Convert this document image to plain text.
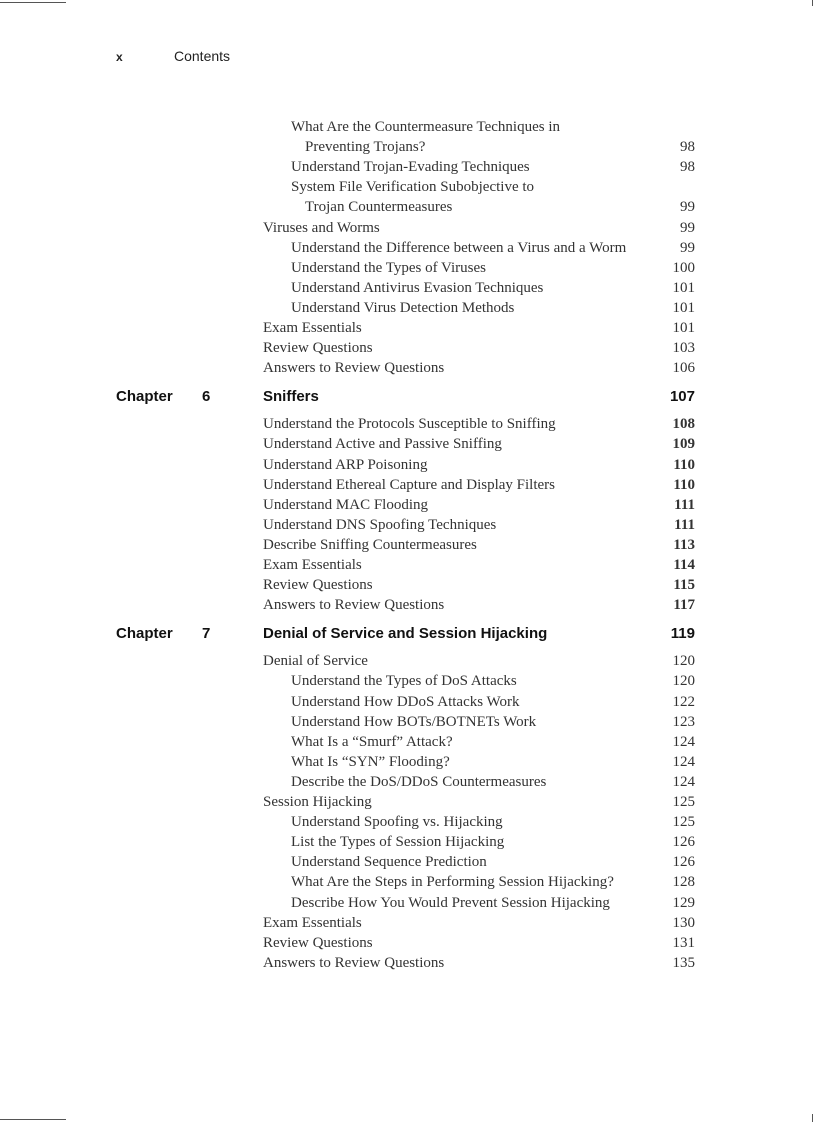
x	Contents
What Are the Countermeasure Techniques in
Preventing Trojans?	98
Understand Trojan-Evading Techniques	98
System File Verification Subobjective to
Trojan Countermeasures	99
Viruses and Worms	99
Understand the Difference between a Virus and a Worm	99
Understand the Types of Viruses	100
Understand Antivirus Evasion Techniques	101
Understand Virus Detection Methods	101
Exam Essentials	101
Review Questions	103
Answers to Review Questions	106
Chapter 6	Sniffers	107
Understand the Protocols Susceptible to Sniffing	108
Understand Active and Passive Sniffing	109
Understand ARP Poisoning	110
Understand Ethereal Capture and Display Filters	110
Understand MAC Flooding	111
Understand DNS Spoofing Techniques	111
Describe Sniffing Countermeasures	113
Exam Essentials	114
Review Questions	115
Answers to Review Questions	117
Chapter 7	Denial of Service and Session Hijacking	119
Denial of Service	120
Understand the Types of DoS Attacks	120
Understand How DDoS Attacks Work	122
Understand How BOTs/BOTNETs Work	123
What Is a “Smurf” Attack?	124
What Is “SYN” Flooding?	124
Describe the DoS/DDoS Countermeasures	124
Session Hijacking	125
Understand Spoofing vs. Hijacking	125
List the Types of Session Hijacking	126
Understand Sequence Prediction	126
What Are the Steps in Performing Session Hijacking?	128
Describe How You Would Prevent Session Hijacking	129
Exam Essentials	130
Review Questions	131
Answers to Review Questions	135
